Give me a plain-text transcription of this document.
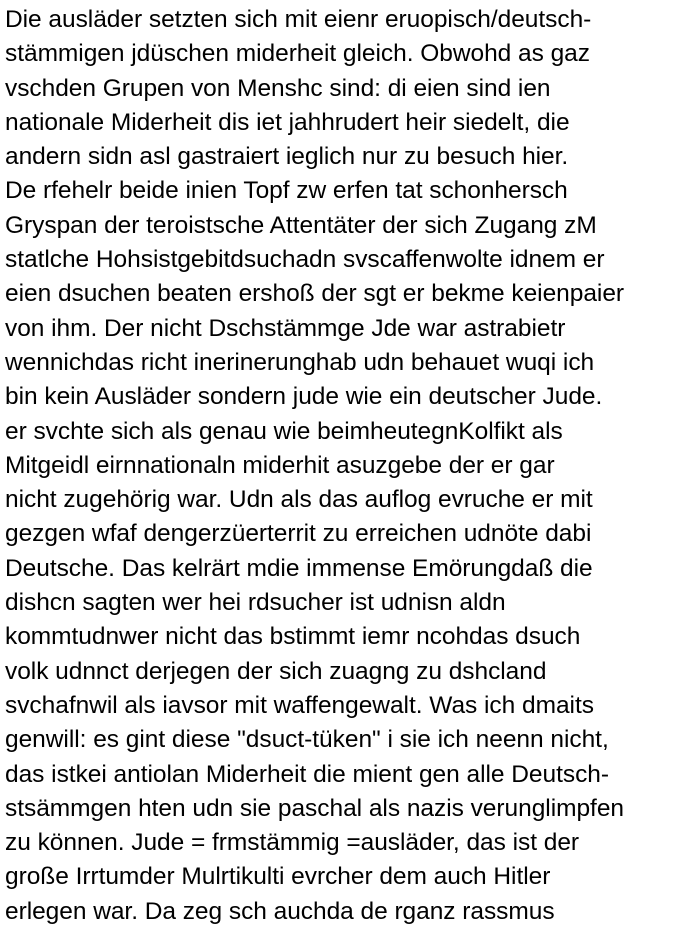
Die ausläder setzten sich mit eienr eruopisch/deutsch-
stämmigen jdüschen miderheit gleich. Obwohd as gaz
vschden Grupen von Menshc sind: di eien sind ien
nationale Miderheit dis iet jahhrudert heir siedelt, die
andern sidn asl gastraiert ieglich nur zu besuch hier.
De rfehelr beide inien Topf zw erfen tat schonhersch
Gryspan der teroistsche Attentäter der sich Zugang zM
statlche Hohsistgebitdsuchadn svscaffenwolte idnem er
eien dsuchen beaten ershoß der sgt er bekme keienpaier
von ihm. Der nicht Dschstämmge Jde war astrabietr
wennichdas richt inerinerunghab udn behauet wuqi ich
bin kein Ausläder sondern jude wie ein deutscher Jude.
er svchte sich als genau wie beimheutegnKolfikt als
Mitgeidl eirnnationaln miderhit asuzgebe der er gar
nicht zugehörig war. Udn als das auflog evruche er mit
gezgen wfaf dengerzüerterrit zu erreichen udnöte dabi
Deutsche. Das kelrärt mdie immense Emörungdaß die
dishcn sagten wer hei rdsucher ist udnisn aldn
kommtudnwer nicht das bstimmt iemr ncohdas dsuch
volk udnnct derjegen der sich zuagng zu dshcland
svchafnwil als iavsor mit waffengewalt. Was ich dmaits
genwill: es gint diese "dsuct-tüken" i sie ich neenn nicht,
das istkei antiolan Miderheit die mient gen alle Deutsch-
stsämmgen hten udn sie paschal als nazis verunglimpfen
zu können. Jude = frmstämmig =ausläder, das ist der
große Irrtumder Mulrtikulti evrcher dem auch Hitler
erlegen war. Da zeg sch auchda de rganz rassmus
